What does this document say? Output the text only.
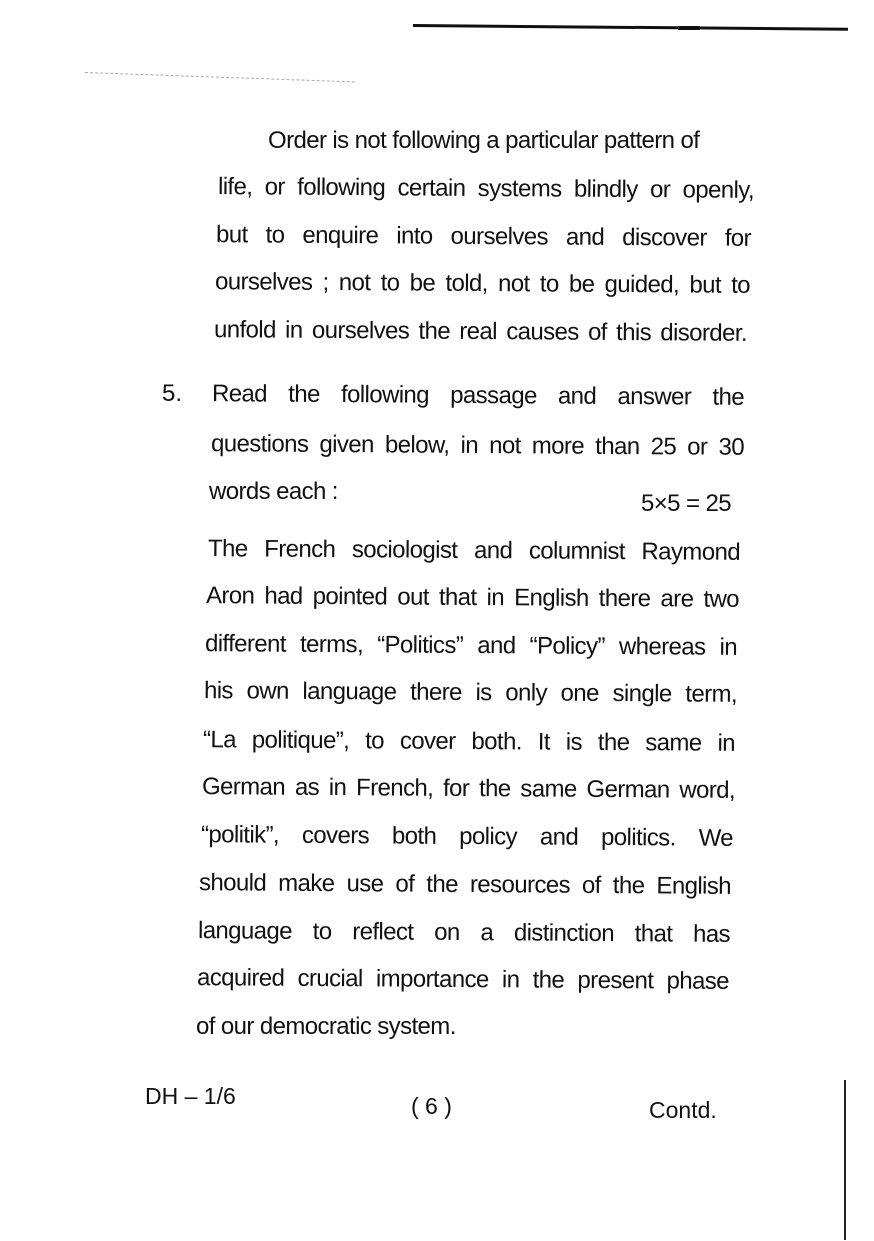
Order is not following a particular pattern of
life, or following certain systems blindly or openly,
but to enquire into ourselves and discover for
ourselves ; not to be told, not to be guided, but to
unfold in ourselves the real causes of this disorder.
5. Read the following passage and answer the
questions given below, in not more than 25 or 30
words each :	5×5 = 25
The French sociologist and columnist Raymond
Aron had pointed out that in English there are two
different terms, “Politics” and “Policy” whereas in
his own language there is only one single term,
“La politique”, to cover both. It is the same in
German as in French, for the same German word,
“politik”, covers both policy and politics. We
should make use of the resources of the English
language to reflect on a distinction that has
acquired crucial importance in the present phase
of our democratic system.
DH – 1/6	( 6 )	Contd.
